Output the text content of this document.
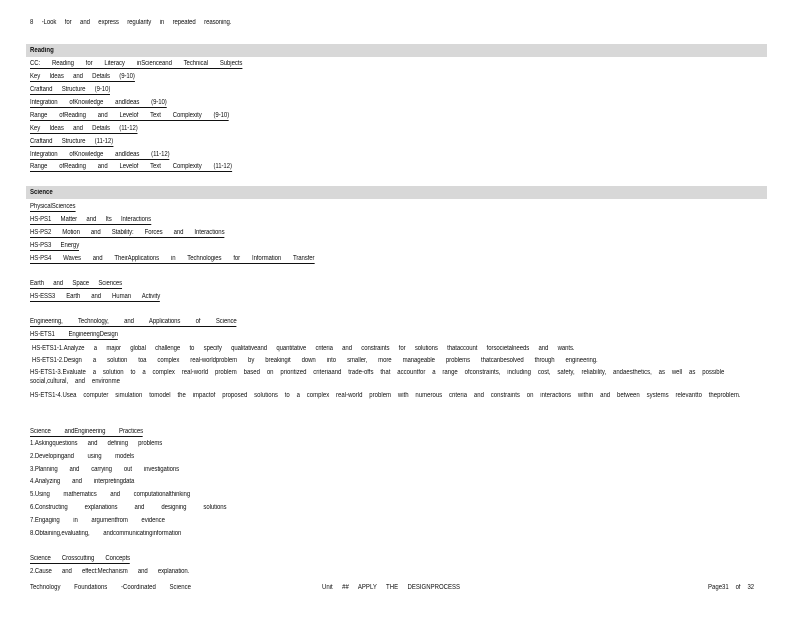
8 -Look for and express regularity in repeated reasoning.
Reading
CC: Reading for Literacy inScienceand Technical Subjects
Key Ideas and Details (9-10)
Craftand Structure (9-10)
Integration ofKnowledge andIdeas (9-10)
Range ofReading and Levelof Text Complexity (9-10)
Key Ideas and Details (11-12)
Craftand Structure (11-12)
Integration ofKnowledge andIdeas (11-12)
Range ofReading and Levelof Text Complexity (11-12)
Science
PhysicalSciences
HS-PS1 Matter and Its Interactions
HS-PS2 Motion and Stability: Forces and Interactions
HS-PS3 Energy
HS-PS4 Waves and TheirApplications in Technologies for Information Transfer
Earth and Space Sciences
HS-ESS3 Earth and Human Activity
Engineering, Technology, and Applications of Science
HS-ETS1 EngineeringDesign
HS-ETS1-1.Analyze a major global challenge to specify qualitativeand quantitative criteria and constraints for solutions thataccount forsocietalneeds and wants.
HS-ETS1-2.Design a solution toa complex real-worldproblem by breakingit down into smaller, more manageable problems thatcanbesolved through engineering.
HS-ETS1-3.Evaluate a solution to a complex real-world problem based on prioritized criteriaand trade-offs that accountfor a range ofconstraints, including cost, safety, reliability, andaesthetics, as well as possible social,cultural, and environme
HS-ETS1-4.Usea computer simulation tomodel the impactof proposed solutions to a complex real-world problem with numerous criteria and constraints on interactions within and between systems relevantto theproblem.
Science andEngineering Practices
1.Askingquestions and defining problems
2.Developingand using models
3.Planning and carrying out investigations
4.Analyzing and interpretingdata
5.Using mathematics and computationalthinking
6.Constructing explanations and designing solutions
7.Engaging in argumentfrom evidence
8.Obtaining,evaluating, andcommunicatinginformation
Science Crosscutting Concepts
2.Cause and effect:Mechanism and explanation.
Technology Foundations -Coordinated Science	Unit ## APPLY THE DESIGNPROCESS	Page31 of 32
